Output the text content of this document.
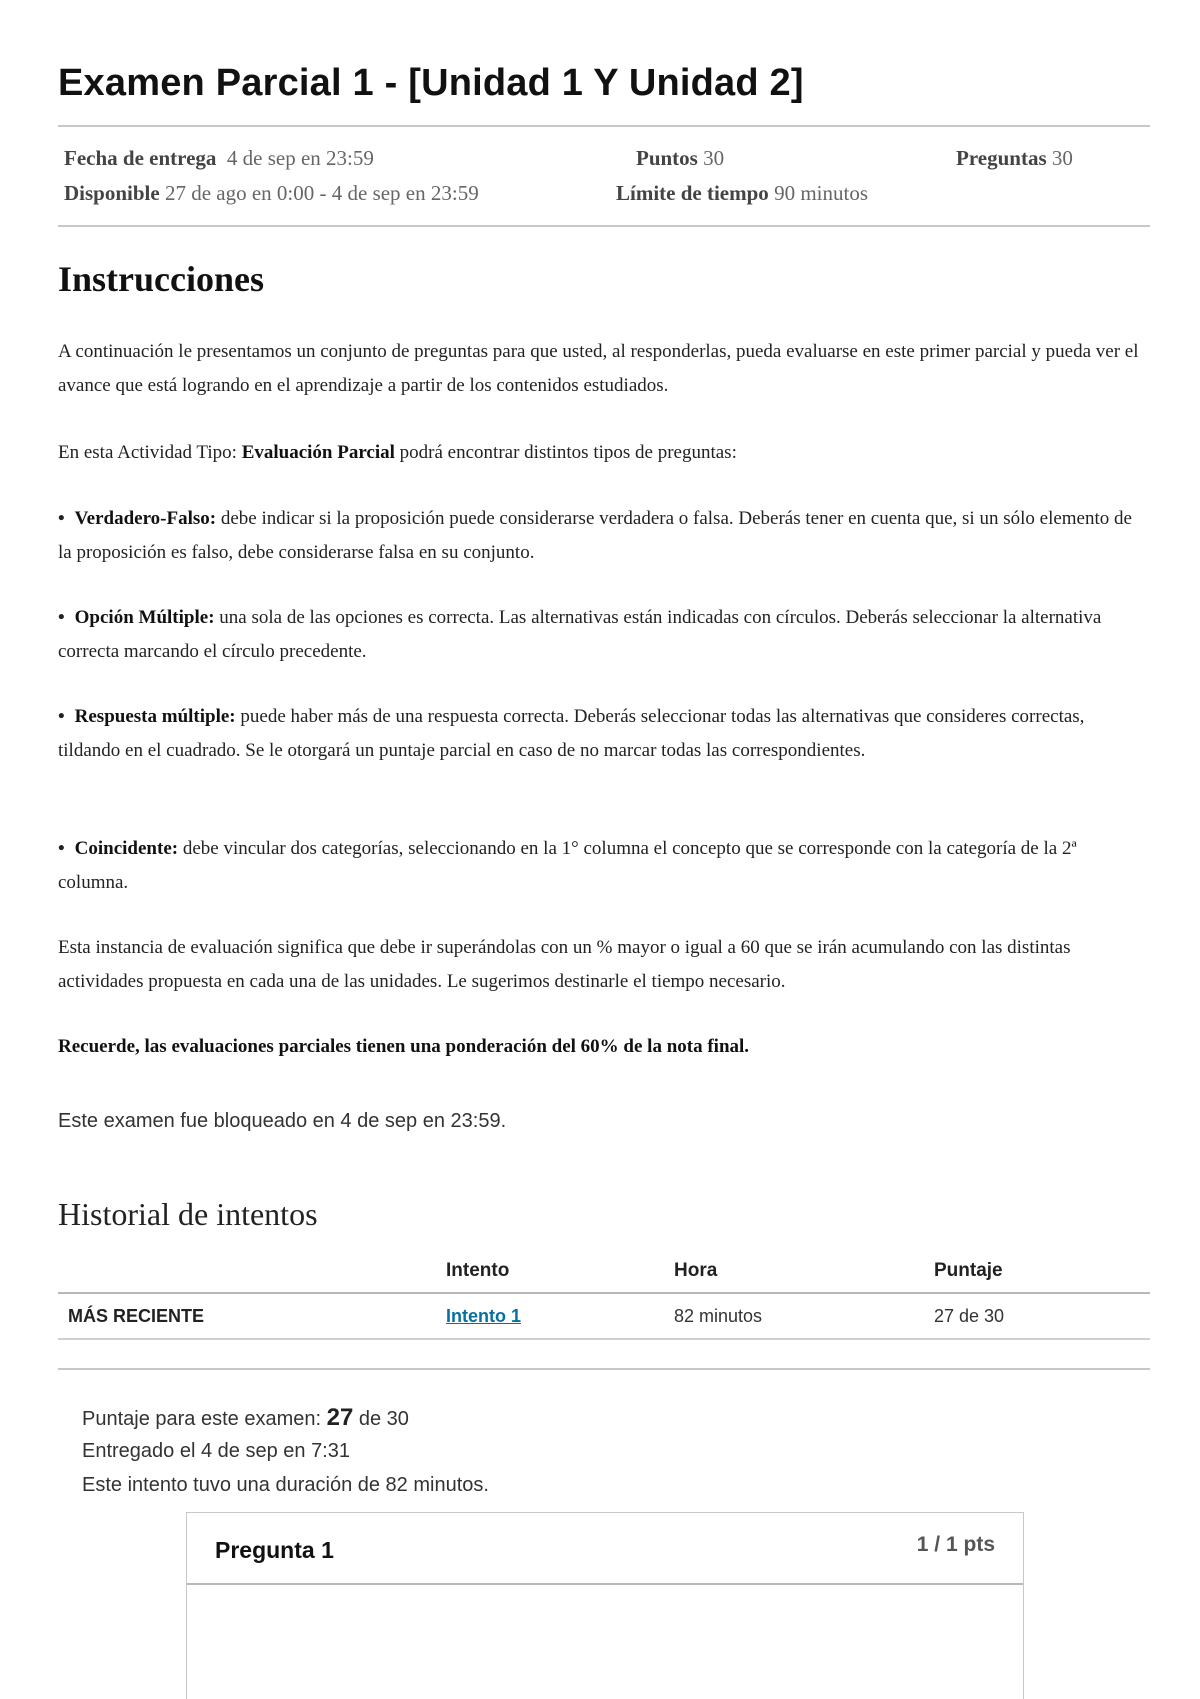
Examen Parcial 1 - [Unidad 1 Y Unidad 2]
Fecha de entrega 4 de sep en 23:59	Puntos 30	Preguntas 30
Disponible 27 de ago en 0:00 - 4 de sep en 23:59	Límite de tiempo 90 minutos
Instrucciones

A continuación le presentamos un conjunto de preguntas para que usted, al responderlas, pueda evaluarse en este primer parcial y pueda ver el avance que está logrando en el aprendizaje a partir de los contenidos estudiados.

En esta Actividad Tipo: Evaluación Parcial podrá encontrar distintos tipos de preguntas:

• Verdadero-Falso: debe indicar si la proposición puede considerarse verdadera o falsa. Deberás tener en cuenta que, si un sólo elemento de la proposición es falso, debe considerarse falsa en su conjunto.

• Opción Múltiple: una sola de las opciones es correcta. Las alternativas están indicadas con círculos. Deberás seleccionar la alternativa correcta marcando el círculo precedente.

• Respuesta múltiple: puede haber más de una respuesta correcta. Deberás seleccionar todas las alternativas que consideres correctas, tildando en el cuadrado. Se le otorgará un puntaje parcial en caso de no marcar todas las correspondientes.

• Coincidente: debe vincular dos categorías, seleccionando en la 1° columna el concepto que se corresponde con la categoría de la 2ª columna.

Esta instancia de evaluación significa que debe ir superándolas con un % mayor o igual a 60 que se irán acumulando con las distintas actividades propuesta en cada una de las unidades. Le sugerimos destinarle el tiempo necesario.

Recuerde, las evaluaciones parciales tienen una ponderación del 60% de la nota final.

Este examen fue bloqueado en 4 de sep en 23:59.

Historial de intentos
	Intento	Hora	Puntaje
MÁS RECIENTE	Intento 1	82 minutos	27 de 30
Puntaje para este examen: 27 de 30
Entregado el 4 de sep en 7:31
Este intento tuvo una duración de 82 minutos.
Pregunta 1	1 / 1 pts
